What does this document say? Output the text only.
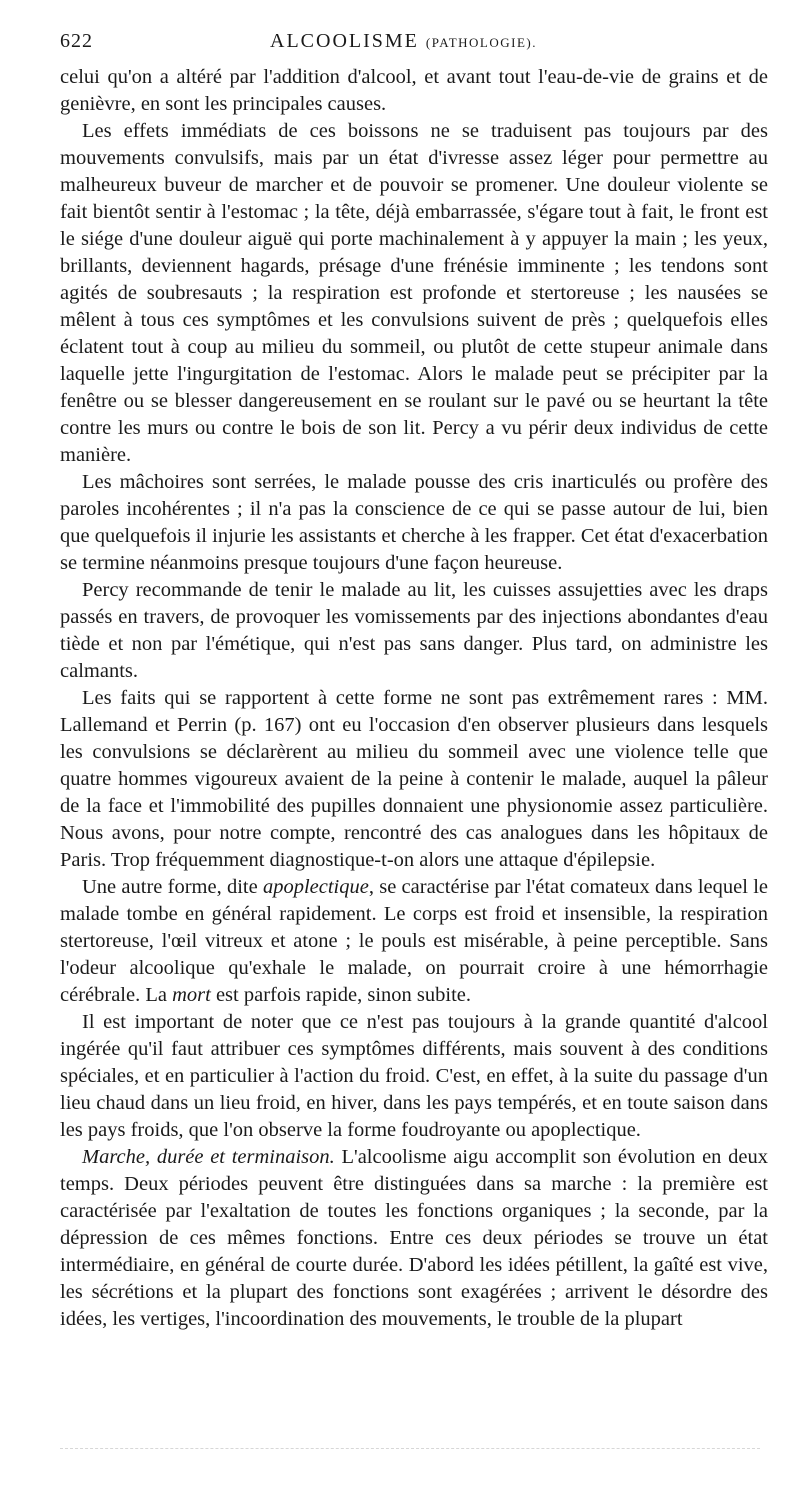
622	ALCOOLISME (PATHOLOGIE).

celui qu'on a altéré par l'addition d'alcool, et avant tout l'eau-de-vie de grains et de genièvre, en sont les principales causes.

Les effets immédiats de ces boissons ne se traduisent pas toujours par des mouvements convulsifs, mais par un état d'ivresse assez léger pour permettre au malheureux buveur de marcher et de pouvoir se promener. Une douleur violente se fait bientôt sentir à l'estomac ; la tête, déjà embarrassée, s'égare tout à fait, le front est le siége d'une douleur aiguë qui porte machinalement à y appuyer la main ; les yeux, brillants, deviennent hagards, présage d'une frénésie imminente ; les tendons sont agités de soubresauts ; la respiration est profonde et stertoreuse ; les nausées se mêlent à tous ces symptômes et les convulsions suivent de près ; quelquefois elles éclatent tout à coup au milieu du sommeil, ou plutôt de cette stupeur animale dans laquelle jette l'ingurgitation de l'estomac. Alors le malade peut se précipiter par la fenêtre ou se blesser dangereusement en se roulant sur le pavé ou se heurtant la tête contre les murs ou contre le bois de son lit. Percy a vu périr deux individus de cette manière.

Les mâchoires sont serrées, le malade pousse des cris inarticulés ou profère des paroles incohérentes ; il n'a pas la conscience de ce qui se passe autour de lui, bien que quelquefois il injurie les assistants et cherche à les frapper. Cet état d'exacerbation se termine néanmoins presque toujours d'une façon heureuse.

Percy recommande de tenir le malade au lit, les cuisses assujetties avec les draps passés en travers, de provoquer les vomissements par des injections abondantes d'eau tiède et non par l'émétique, qui n'est pas sans danger. Plus tard, on administre les calmants.

Les faits qui se rapportent à cette forme ne sont pas extrêmement rares : MM. Lallemand et Perrin (p. 167) ont eu l'occasion d'en observer plusieurs dans lesquels les convulsions se déclarèrent au milieu du sommeil avec une violence telle que quatre hommes vigoureux avaient de la peine à contenir le malade, auquel la pâleur de la face et l'immobilité des pupilles donnaient une physionomie assez particulière. Nous avons, pour notre compte, rencontré des cas analogues dans les hôpitaux de Paris. Trop fréquemment diagnostique-t-on alors une attaque d'épilepsie.

Une autre forme, dite apoplectique, se caractérise par l'état comateux dans lequel le malade tombe en général rapidement. Le corps est froid et insensible, la respiration stertoreuse, l'œil vitreux et atone ; le pouls est misérable, à peine perceptible. Sans l'odeur alcoolique qu'exhale le malade, on pourrait croire à une hémorrhagie cérébrale. La mort est parfois rapide, sinon subite.

Il est important de noter que ce n'est pas toujours à la grande quantité d'alcool ingérée qu'il faut attribuer ces symptômes différents, mais souvent à des conditions spéciales, et en particulier à l'action du froid. C'est, en effet, à la suite du passage d'un lieu chaud dans un lieu froid, en hiver, dans les pays tempérés, et en toute saison dans les pays froids, que l'on observe la forme foudroyante ou apoplectique.

Marche, durée et terminaison. L'alcoolisme aigu accomplit son évolution en deux temps. Deux périodes peuvent être distinguées dans sa marche : la première est caractérisée par l'exaltation de toutes les fonctions organiques ; la seconde, par la dépression de ces mêmes fonctions. Entre ces deux périodes se trouve un état intermédiaire, en général de courte durée. D'abord les idées pétillent, la gaîté est vive, les sécrétions et la plupart des fonctions sont exagérées ; arrivent le désordre des idées, les vertiges, l'incoordination des mouvements, le trouble de la plupart
